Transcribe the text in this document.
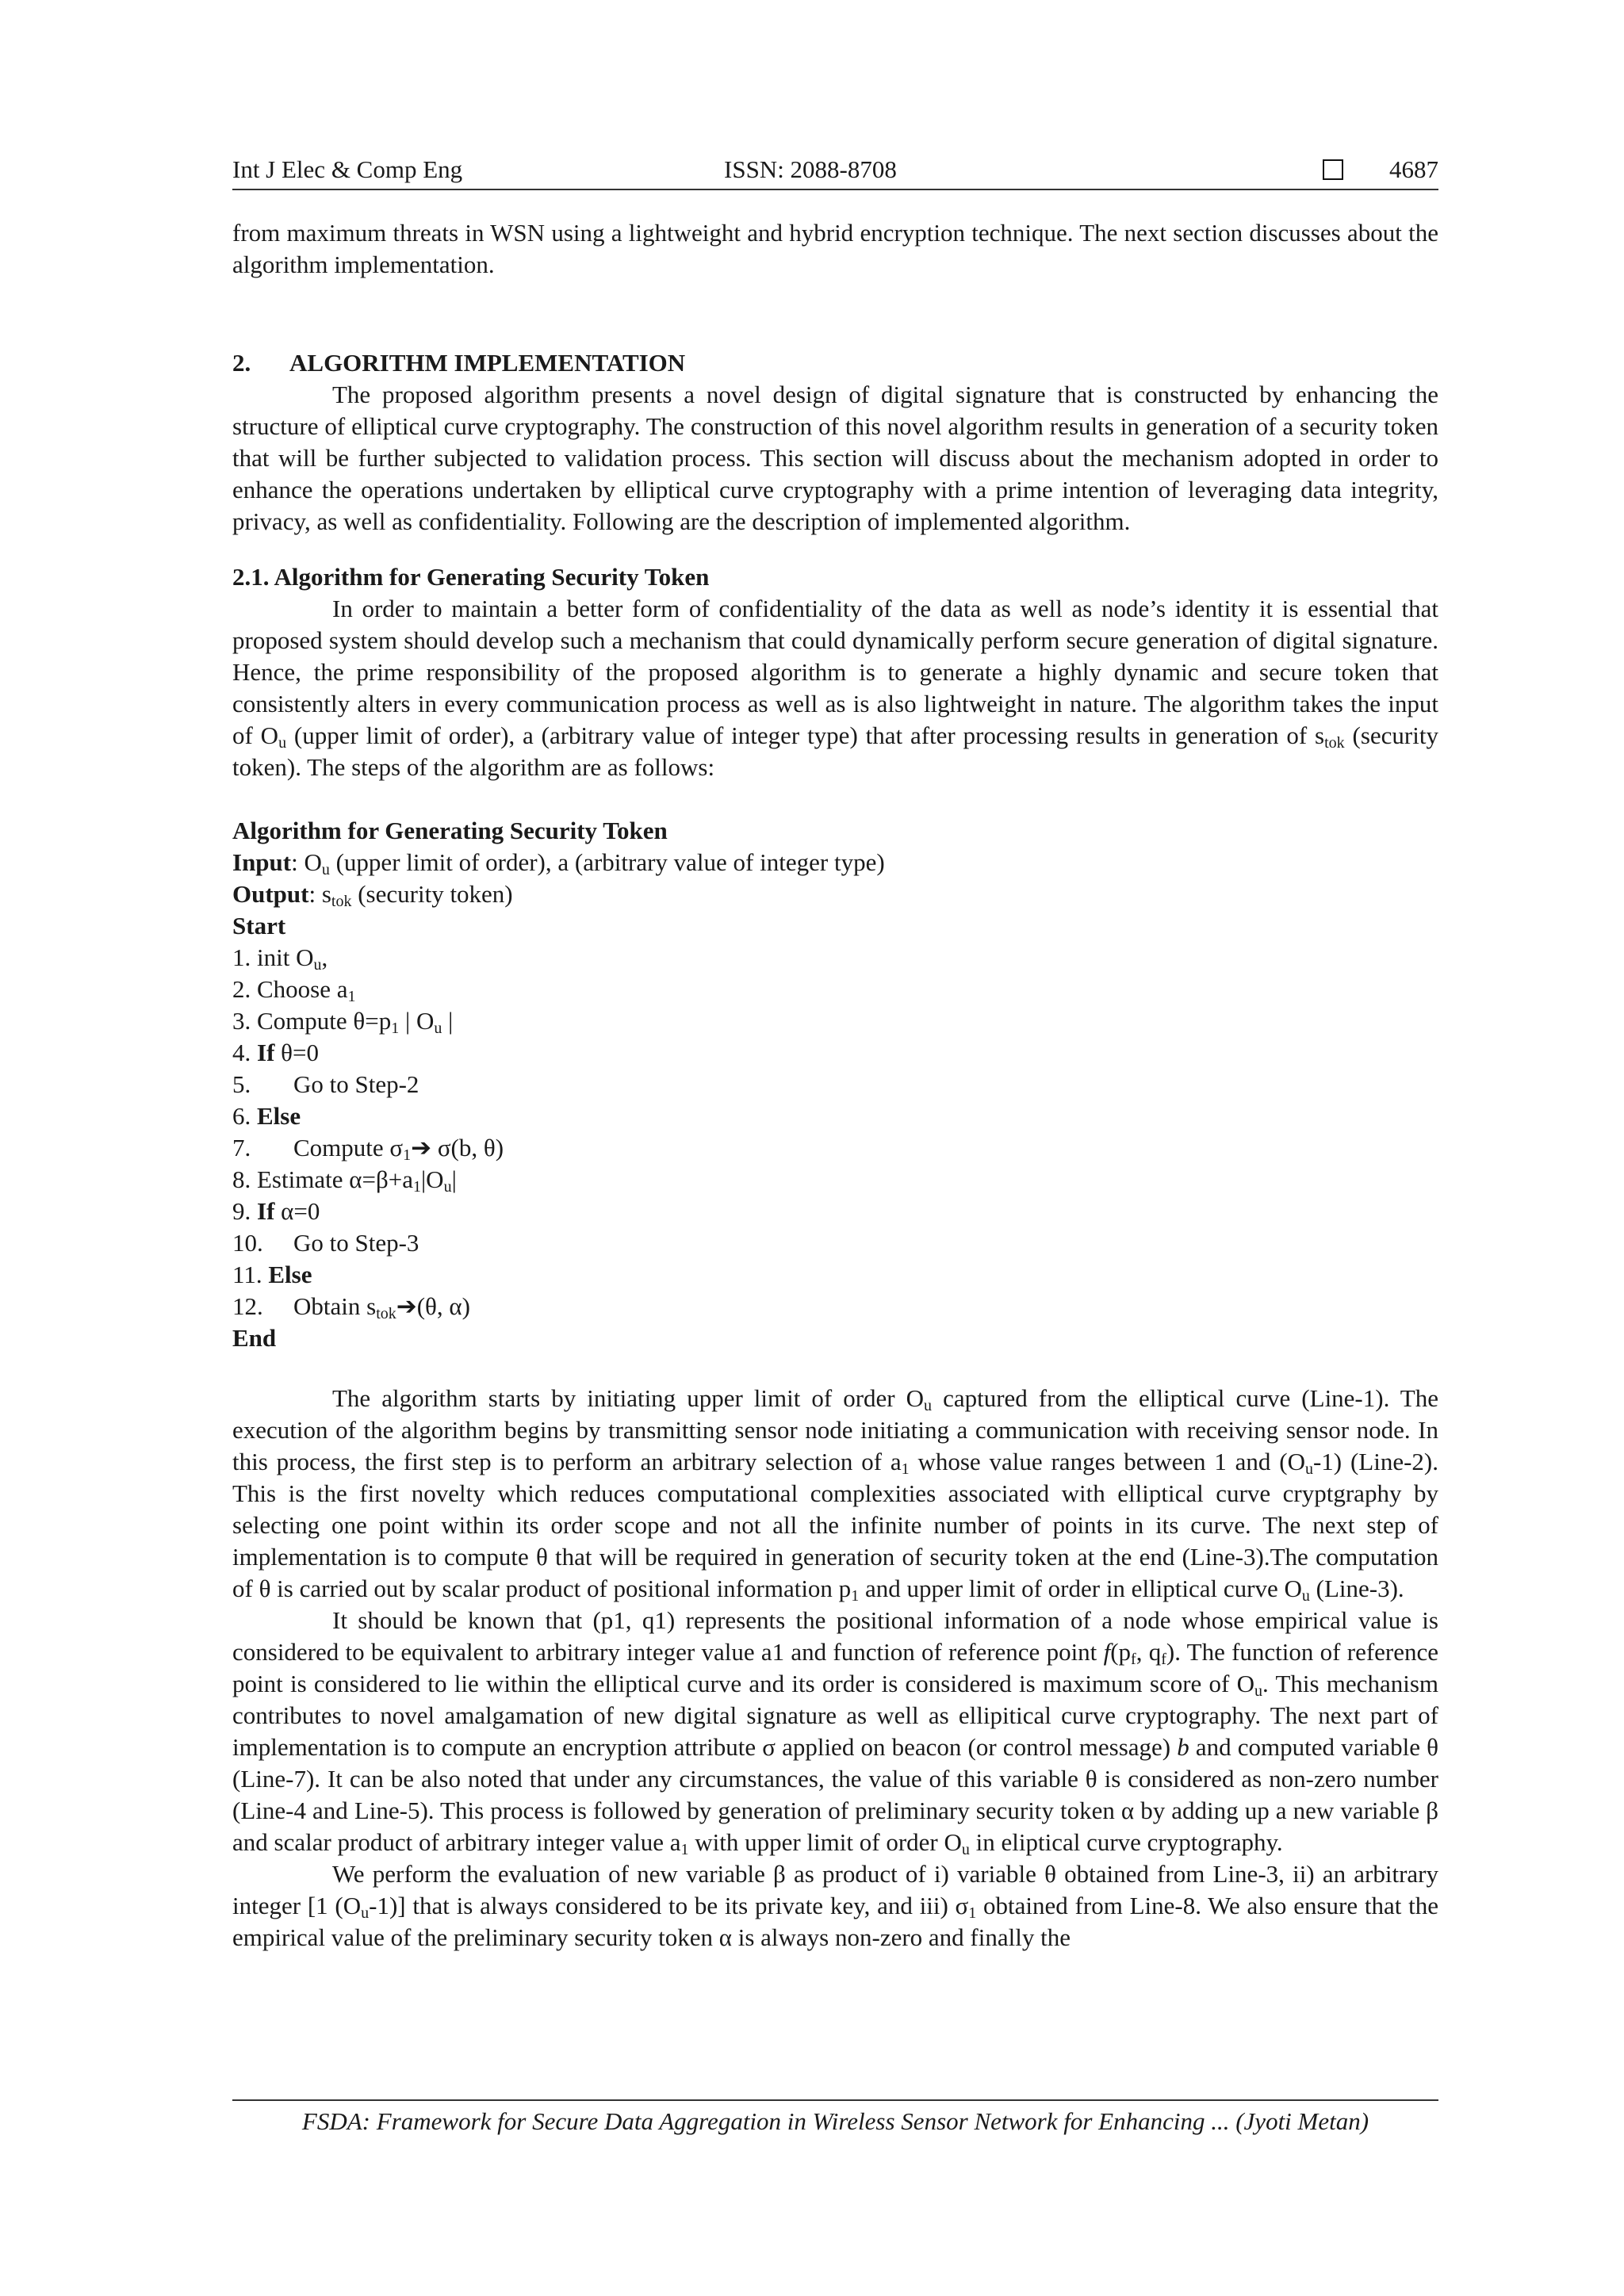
Int J Elec & Comp Eng	ISSN: 2088-8708	4687

from maximum threats in WSN using a lightweight and hybrid encryption technique. The next section discusses about the algorithm implementation.

2. ALGORITHM IMPLEMENTATION

The proposed algorithm presents a novel design of digital signature that is constructed by enhancing the structure of elliptical curve cryptography. The construction of this novel algorithm results in generation of a security token that will be further subjected to validation process. This section will discuss about the mechanism adopted in order to enhance the operations undertaken by elliptical curve cryptography with a prime intention of leveraging data integrity, privacy, as well as confidentiality. Following are the description of implemented algorithm.

2.1. Algorithm for Generating Security Token

In order to maintain a better form of confidentiality of the data as well as node’s identity it is essential that proposed system should develop such a mechanism that could dynamically perform secure generation of digital signature. Hence, the prime responsibility of the proposed algorithm is to generate a highly dynamic and secure token that consistently alters in every communication process as well as is also lightweight in nature. The algorithm takes the input of $O_u$ (upper limit of order), a (arbitrary value of integer type) that after processing results in generation of $s_{tok}$ (security token). The steps of the algorithm are as follows:

Algorithm for Generating Security Token
Input: $O_u$ (upper limit of order), a (arbitrary value of integer type)
Output: $s_{tok}$ (security token)
Start
1. init $O_u$,
2. Choose $a_1$
3. Compute $\theta=p_1$ | $O_u$ |
4. If θ=0
5. Go to Step-2
6. Else
7. Compute $\sigma_1➔$ σ(b, θ)
8. Estimate $\alpha=\beta+a_1|O_u|$
9. If α=0
10. Go to Step-3
11. Else
12. Obtain $s_{tok}➔(\theta$, α)
End

The algorithm starts by initiating upper limit of order $O_u$ captured from the elliptical curve (Line-1). The execution of the algorithm begins by transmitting sensor node initiating a communication with receiving sensor node. In this process, the first step is to perform an arbitrary selection of $a_1$ whose value ranges between 1 and $(O_u-1)$ (Line-2). This is the first novelty which reduces computational complexities associated with elliptical curve cryptgraphy by selecting one point within its order scope and not all the infinite number of points in its curve. The next step of implementation is to compute θ that will be required in generation of security token at the end (Line-3).The computation of θ is carried out by scalar product of positional information $p_1$ and upper limit of order in elliptical curve $O_u$ (Line-3).

It should be known that (p1, q1) represents the positional information of a node whose empirical value is considered to be equivalent to arbitrary integer value a1 and function of reference point $f(p_f$, $q_f$). The function of reference point is considered to lie within the elliptical curve and its order is considered is maximum score of $O_u$. This mechanism contributes to novel amalgamation of new digital signature as well as ellipitical curve cryptography. The next part of implementation is to compute an encryption attribute σ applied on beacon (or control message) b and computed variable θ (Line-7). It can be also noted that under any circumstances, the value of this variable θ is considered as non-zero number (Line-4 and Line-5). This process is followed by generation of preliminary security token α by adding up a new variable β and scalar product of arbitrary integer value $a_1$ with upper limit of order $O_u$ in eliptical curve cryptography.

We perform the evaluation of new variable β as product of i) variable θ obtained from Line-3, ii) an arbitrary integer [1 $(O_u-1)$] that is always considered to be its private key, and iii) $\sigma_1$ obtained from Line-8. We also ensure that the empirical value of the preliminary security token α is always non-zero and finally the

FSDA: Framework for Secure Data Aggregation in Wireless Sensor Network for Enhancing ... (Jyoti Metan)
